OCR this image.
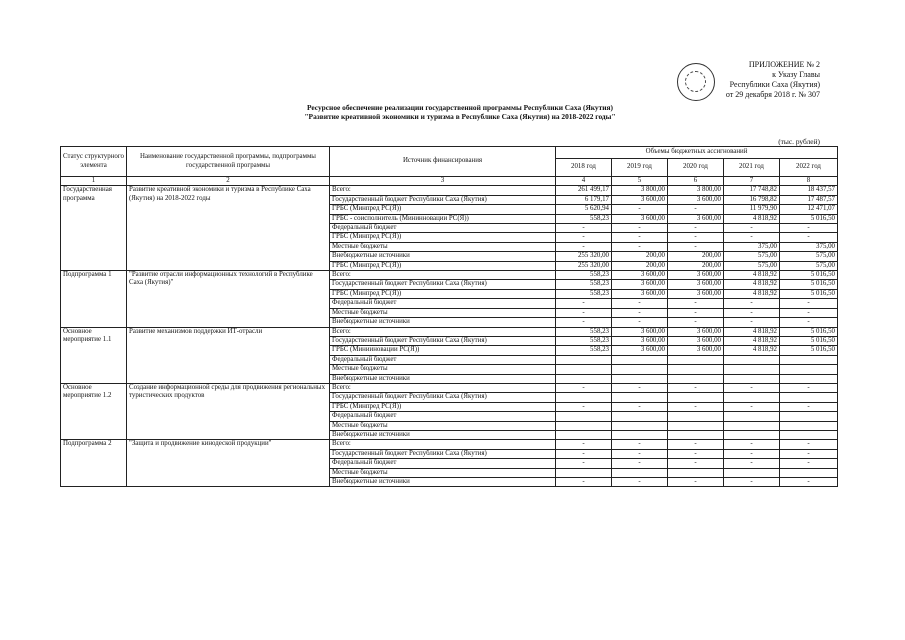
ПРИЛОЖЕНИЕ № 2
к Указу Главы
Республики Саха (Якутия)
от 29 декабря 2018 г. № 307
Ресурсное обеспечение реализации государственной программы Республики Саха (Якутия)
"Развитие креативной экономики и туризма в Республике Саха (Якутия) на 2018-2022 годы"
(тыс. рублей)
Статус структурного элемента	Наименование государственной программы, подпрограммы государственной программы	Источник финансирования	Объемы бюджетных ассигнований				
			2018 год	2019 год	2020 год	2021 год	2022 год
1	2	3	4	5	6	7	8
Государственная программа	Развитие креативной экономики и туризма в Республике Саха (Якутия) на 2018-2022 годы	Всего:	261 499,17	3 800,00	3 800,00	17 748,82	18 437,57
		Государственный бюджет Республики Саха (Якутия)	6 179,17	3 600,00	3 600,00	16 798,82	17 487,57
		ГРБС (Минпред РС(Я))	5 620,94	-	-	11 979,90	12 471,07
		ГРБС - соисполнитель (Мининновации РС(Я))	558,23	3 600,00	3 600,00	4 818,92	5 016,50
		Федеральный бюджет	-	-	-	-	-
		ГРБС (Минпред РС(Я))	-	-	-	-	-
		Местные бюджеты	-	-	-	375,00	375,00
		Внебюджетные источники	255 320,00	200,00	200,00	575,00	575,00
		ГРБС (Минпред РС(Я))	255 320,00	200,00	200,00	575,00	575,00
Подпрограмма 1	"Развитие отрасли информационных технологий в Республике Саха (Якутия)"	Всего:	558,23	3 600,00	3 600,00	4 818,92	5 016,50
		Государственный бюджет Республики Саха (Якутия)	558,23	3 600,00	3 600,00	4 818,92	5 016,50
		ГРБС (Минпред РС(Я))	558,23	3 600,00	3 600,00	4 818,92	5 016,50
		Федеральный бюджет	-	-	-	-	-
		Местные бюджеты	-	-	-	-	-
		Внебюджетные источники	-	-	-	-	-
Основное мероприятие 1.1	Развитие механизмов поддержки ИТ-отрасли	Всего:	558,23	3 600,00	3 600,00	4 818,92	5 016,50
		Государственный бюджет Республики Саха (Якутия)	558,23	3 600,00	3 600,00	4 818,92	5 016,50
		ГРБС (Минииновации РС(Я))	558,23	3 600,00	3 600,00	4 818,92	5 016,50
		Федеральный бюджет					
		Местные бюджеты					
		Внебюджетные источники					
Основное мероприятие 1.2	Создание информационной среды для продвижения региональных туристических продуктов	Всего:	-	-	-	-	-
		Государственный бюджет Республики Саха (Якутия)					
		ГРБС (Минпред РС(Я))	-	-	-	-	-
		Федеральный бюджет					
		Местные бюджеты					
		Внебюджетные источники					
Подпрограмма 2	"Защита и продвижение кинодеской продукции"	Всего:	-	-	-	-	-
		Государственный бюджет Республики Саха (Якутия)	-	-	-	-	-
		Федеральный бюджет	-	-	-	-	-
		Местные бюджеты					
		Внебюджетные источники	-	-	-	-	-
